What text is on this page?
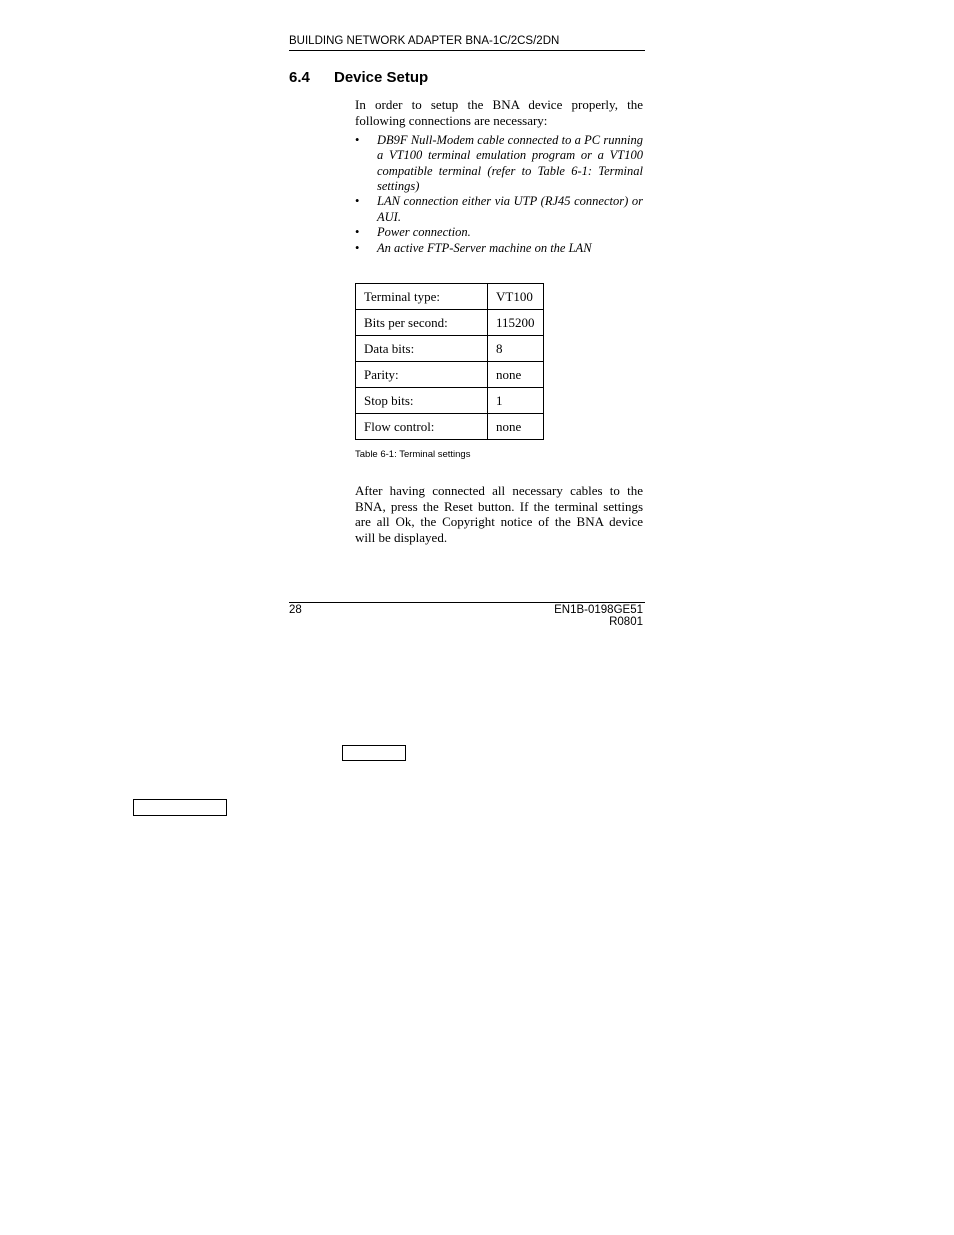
BUILDING NETWORK ADAPTER BNA-1C/2CS/2DN
6.4 Device Setup

In order to setup the BNA device properly, the following connections are necessary:

• DB9F Null-Modem cable connected to a PC running a VT100 terminal emulation program or a VT100 compatible terminal (refer to Table 6-1: Terminal settings)
• LAN connection either via UTP (RJ45 connector) or AUI.
• Power connection.
• An active FTP-Server machine on the LAN
Terminal type:	VT100
Bits per second:	115200
Data bits:	8
Parity:	none
Stop bits:	1
Flow control:	none
Table 6-1: Terminal settings

After having connected all necessary cables to the BNA, press the Reset button. If the terminal settings are all Ok, the Copyright notice of the BNA device will be displayed.

28	EN1B-0198GE51 R0801
